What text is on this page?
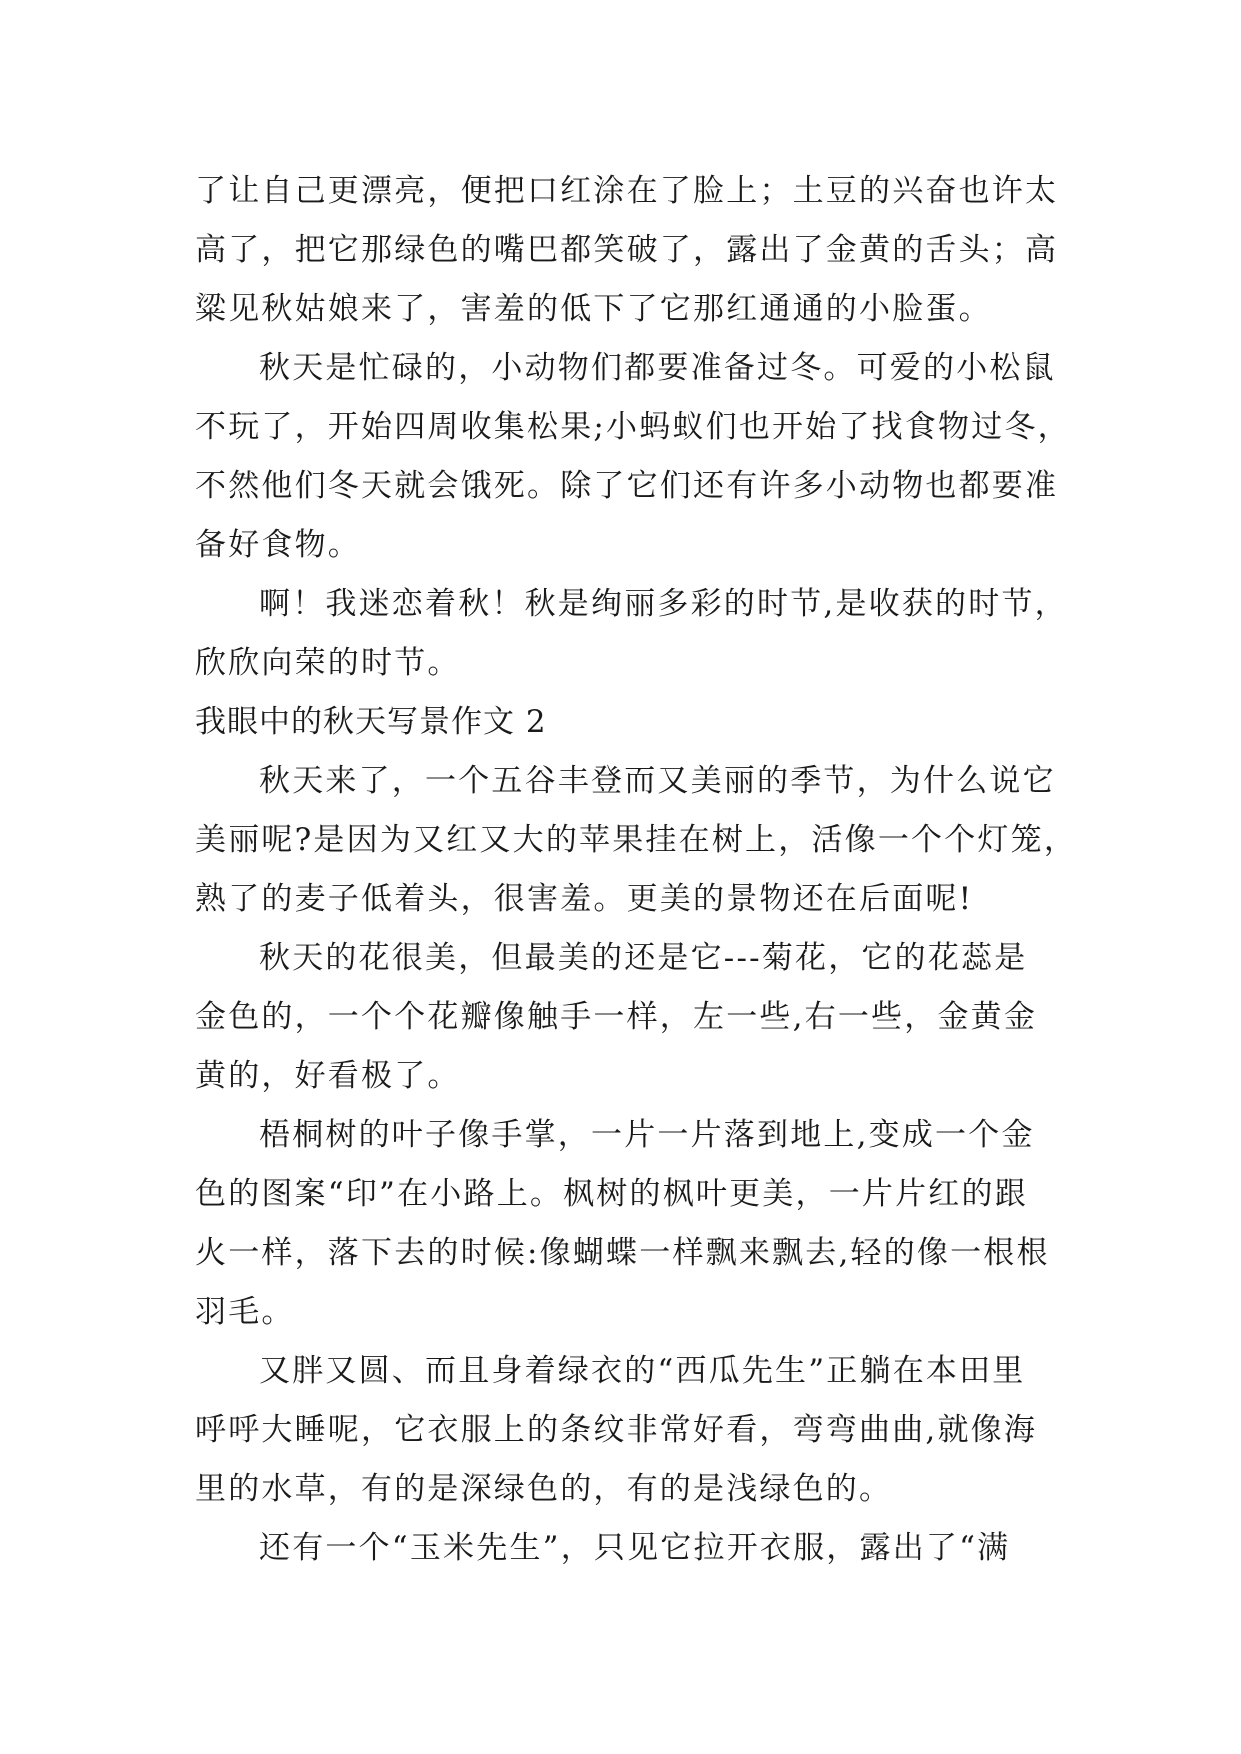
了让自己更漂亮，便把口红涂在了脸上；土豆的兴奋也许太
高了，把它那绿色的嘴巴都笑破了，露出了金黄的舌头；高
粱见秋姑娘来了，害羞的低下了它那红通通的小脸蛋。
秋天是忙碌的，小动物们都要准备过冬。可爱的小松鼠
不玩了，开始四周收集松果;小蚂蚁们也开始了找食物过冬，
不然他们冬天就会饿死。除了它们还有许多小动物也都要准
备好食物。
啊！我迷恋着秋！秋是绚丽多彩的时节,是收获的时节，
欣欣向荣的时节。
我眼中的秋天写景作文 2
秋天来了，一个五谷丰登而又美丽的季节，为什么说它
美丽呢?是因为又红又大的苹果挂在树上，活像一个个灯笼，
熟了的麦子低着头，很害羞。更美的景物还在后面呢!
秋天的花很美，但最美的还是它---菊花，它的花蕊是
金色的，一个个花瓣像触手一样，左一些,右一些，金黄金
黄的，好看极了。
梧桐树的叶子像手掌，一片一片落到地上,变成一个金
色的图案“印”在小路上。枫树的枫叶更美，一片片红的跟
火一样，落下去的时候:像蝴蝶一样飘来飘去,轻的像一根根
羽毛。
又胖又圆、而且身着绿衣的“西瓜先生”正躺在本田里
呼呼大睡呢，它衣服上的条纹非常好看，弯弯曲曲,就像海
里的水草，有的是深绿色的，有的是浅绿色的。
还有一个“玉米先生”，只见它拉开衣服，露出了“满
